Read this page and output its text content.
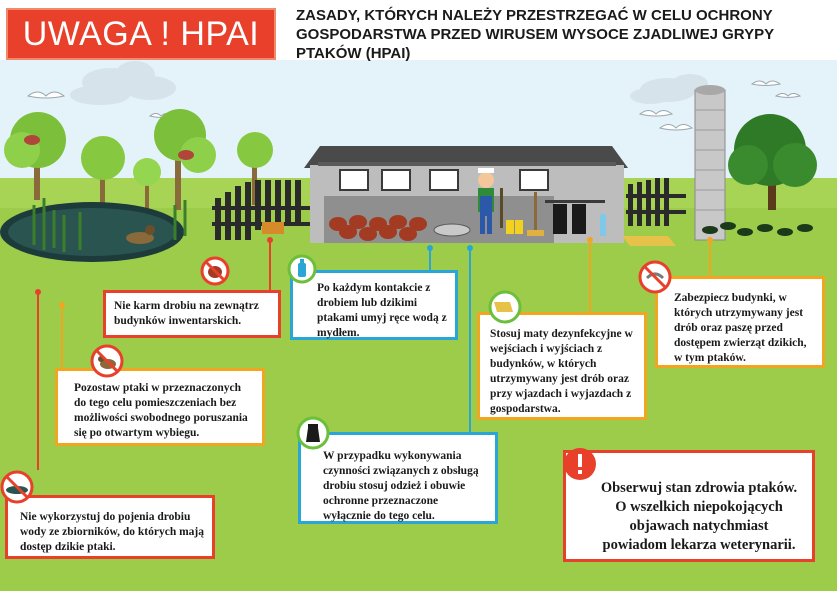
UWAGA ! HPAI	ZASADY, KTÓRYCH NALEŻY PRZESTRZEGAĆ W CELU OCHRONY GOSPODARSTWA PRZED WIRUSEM WYSOCE ZJADLIWEJ GRYPY PTAKÓW (HPAI)
Nie karm drobiu na zewnątrz budynków inwentarskich.
Po każdym kontakcie z drobiem lub dzikimi ptakami umyj ręce wodą z mydłem.
Zabezpiecz budynki, w których utrzymywany jest drób oraz paszę przed dostępem zwierząt dzikich, w tym ptaków.
Pozostaw ptaki w przeznaczonych do tego celu pomieszczeniach bez możliwości swobodnego poruszania się po otwartym wybiegu.
Stosuj maty dezynfekcyjne w wejściach i wyjściach z budynków, w których utrzymywany jest drób oraz przy wjazdach i wyjazdach z gospodarstwa.
W przypadku wykonywania czynności związanych z obsługą drobiu stosuj odzież i obuwie ochronne przeznaczone wyłącznie do tego celu.
Nie wykorzystuj do pojenia drobiu wody ze zbiorników, do których mają dostęp dzikie ptaki.
Obserwuj stan zdrowia ptaków. O wszelkich niepokojących objawach natychmiast powiadom lekarza weterynarii.
